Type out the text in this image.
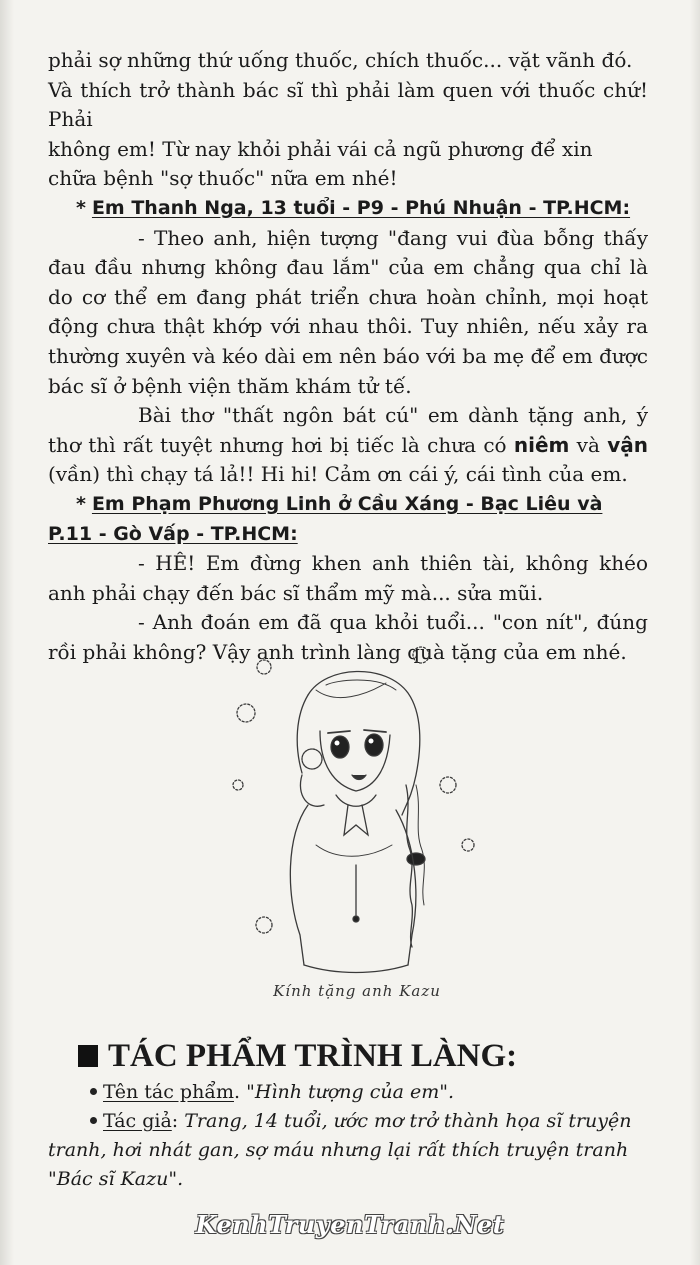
phải sợ những thứ uống thuốc, chích thuốc... vặt vãnh đó.

Và thích trở thành bác sĩ thì phải làm quen với thuốc chứ! Phải

không em! Từ nay khỏi phải vái cả ngũ phương để xin

chữa bệnh "sợ thuốc" nữa em nhé!

* Em Thanh Nga, 13 tuổi - P9 - Phú Nhuận - TP.HCM:

- Theo anh, hiện tượng "đang vui đùa bỗng thấy đau đầu nhưng không đau lắm" của em chẳng qua chỉ là do cơ thể em đang phát triển chưa hoàn chỉnh, mọi hoạt động chưa thật khớp với nhau thôi. Tuy nhiên, nếu xảy ra thường xuyên và kéo dài em nên báo với ba mẹ để em được bác sĩ ở bệnh viện thăm khám tử tế.

Bài thơ "thất ngôn bát cú" em dành tặng anh, ý thơ thì rất tuyệt nhưng hơi bị tiếc là chưa có niêm và vận (vần) thì chạy tá lả!! Hi hi! Cảm ơn cái ý, cái tình của em.

* Em Phạm Phương Linh ở Cầu Xáng - Bạc Liêu và

P.11 - Gò Vấp - TP.HCM:

- HÊ! Em đừng khen anh thiên tài, không khéo anh phải chạy đến bác sĩ thẩm mỹ mà... sửa mũi.

- Anh đoán em đã qua khỏi tuổi... "con nít", đúng rồi phải không? Vậy anh trình làng quà tặng của em nhé.

Kính tặng anh Kazu
TÁC PHẨM TRÌNH LÀNG:

Tên tác phẩm. "Hình tượng của em".

Tác giả: Trang, 14 tuổi, ước mơ trở thành họa sĩ truyện tranh, hơi nhát gan, sợ máu nhưng lại rất thích truyện tranh "Bác sĩ Kazu".

KenhTruyenTranh.Net
